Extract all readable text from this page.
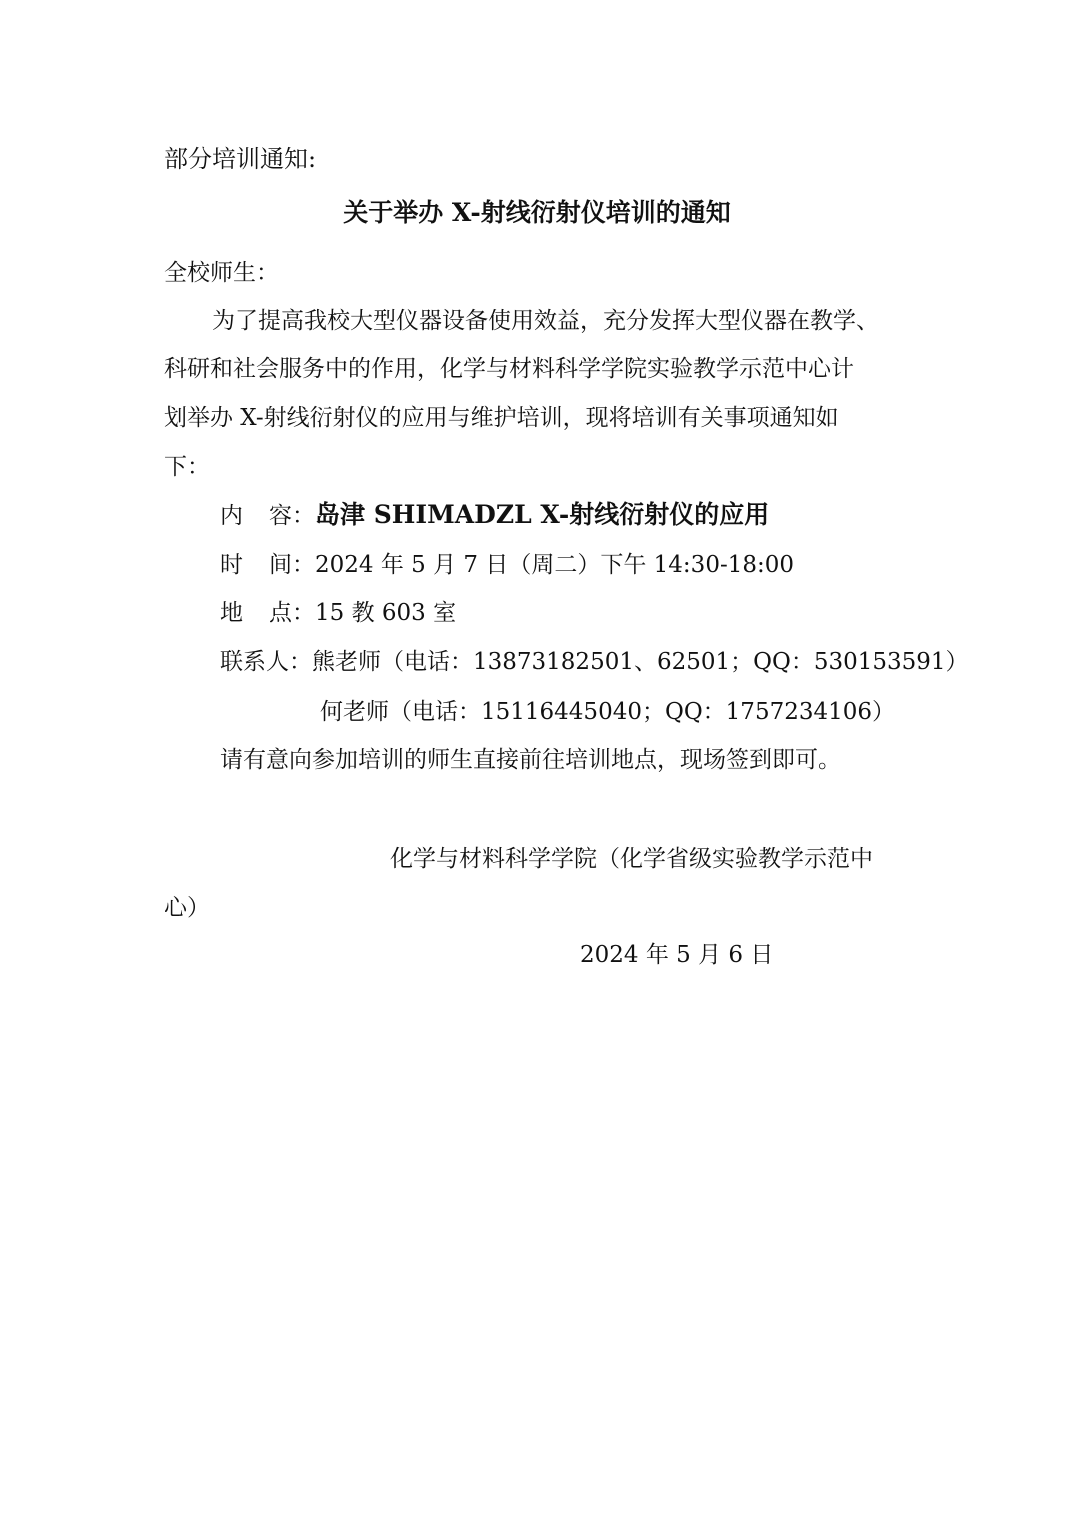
部分培训通知:
关于举办 X-射线衍射仪培训的通知
全校师生：
为了提高我校大型仪器设备使用效益，充分发挥大型仪器在教学、
科研和社会服务中的作用，化学与材料科学学院实验教学示范中心计
划举办 X-射线衍射仪的应用与维护培训，现将培训有关事项通知如
下：
内 容：岛津 SHIMADZL X-射线衍射仪的应用
时 间：2024 年 5 月 7 日（周二）下午 14:30-18:00
地 点：15 教 603 室
联系人：熊老师（电话：13873182501、62501；QQ：530153591）
何老师（电话：15116445040；QQ：1757234106）
请有意向参加培训的师生直接前往培训地点，现场签到即可。
化学与材料科学学院（化学省级实验教学示范中
心）
2024 年 5 月 6 日
